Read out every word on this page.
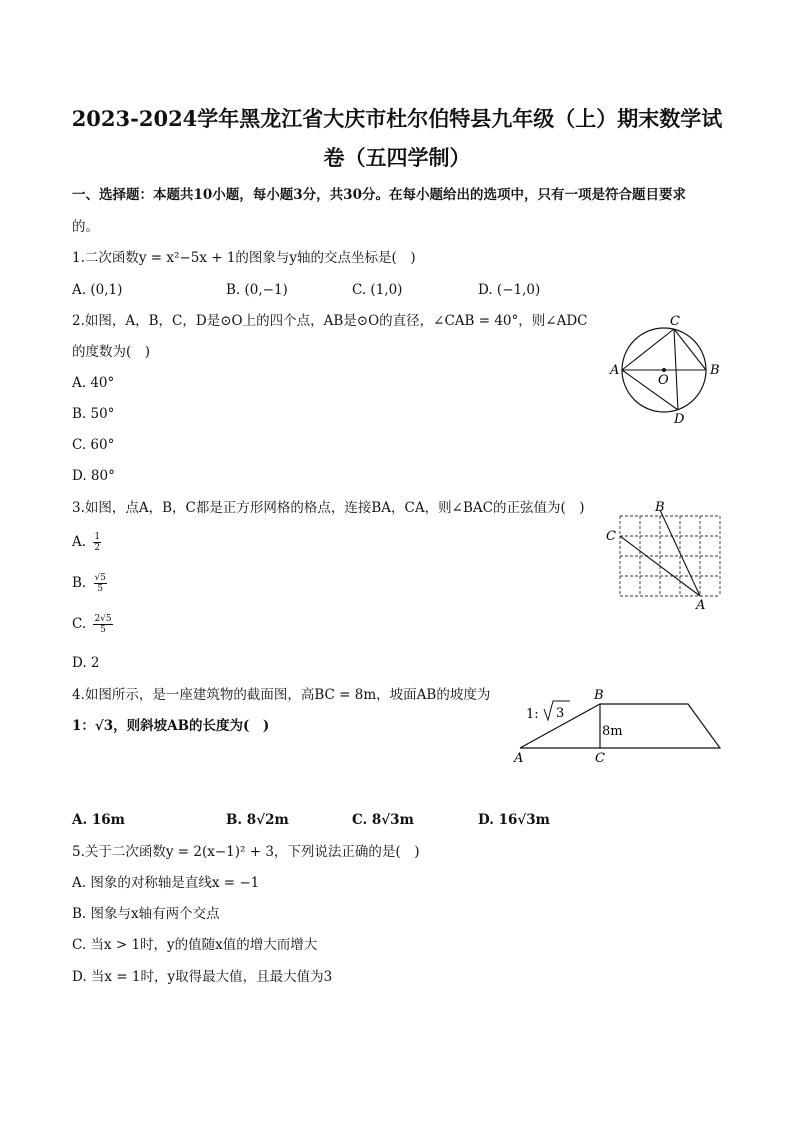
2023-2024学年黑龙江省大庆市杜尔伯特县九年级（上）期末数学试
卷（五四学制）
一、选择题：本题共10小题，每小题3分，共30分。在每小题给出的选项中，只有一项是符合题目要求
的。
1.二次函数y = x²−5x + 1的图象与y轴的交点坐标是(　)
A. (0,1)	B. (0,−1)	C. (1,0)	D. (−1,0)
2.如图，A，B，C，D是⊙O上的四个点，AB是⊙O的直径，∠CAB = 40°，则∠ADC
的度数为(　)
A. 40°
B. 50°
C. 60°
D. 80°
A	B
C
D
O
3.如图，点A，B，C都是正方形网格的格点，连接BA，CA，则∠BAC的正弦值为(　)
A. $\frac{1}{2}$
B. $\frac{√5}{5}$
C. $\frac{2√5}{5}$
D. 2
B
C
A
4.如图所示，是一座建筑物的截面图，高BC = 8m，坡面AB的坡度为
1：√3，则斜坡AB的长度为(　)
1: 3
8m
B
A	C
A. 16m	B. 8√2m	C. 8√3m	D. 16√3m
5.关于二次函数y = 2(x−1)² + 3，下列说法正确的是(　)
A. 图象的对称轴是直线x = −1
B. 图象与x轴有两个交点
C. 当x > 1时，y的值随x值的增大而增大
D. 当x = 1时，y取得最大值，且最大值为3
